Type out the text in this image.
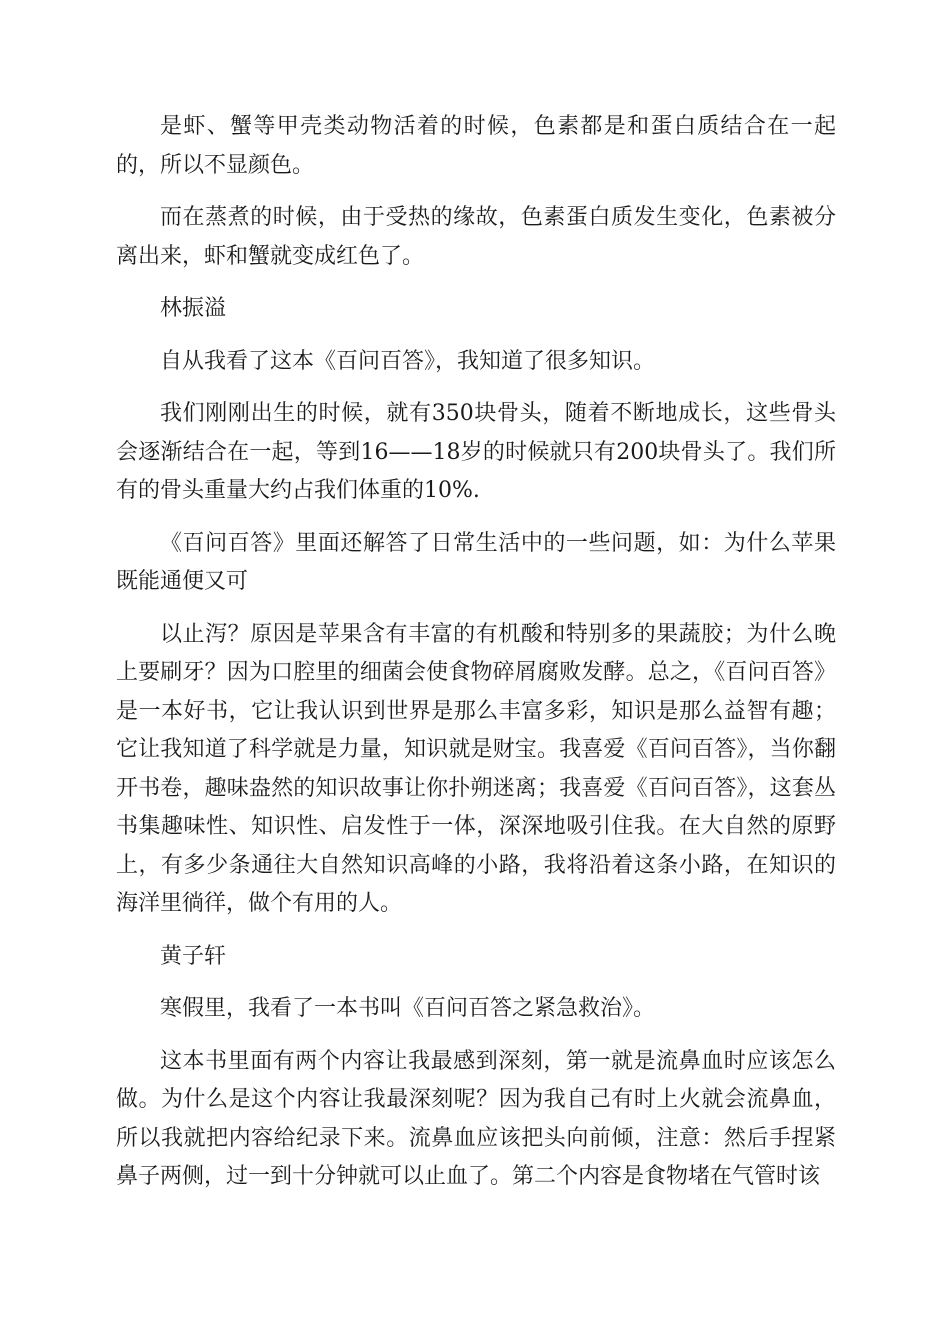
是虾、蟹等甲壳类动物活着的时候，色素都是和蛋白质结合在一起的，所以不显颜色。

而在蒸煮的时候，由于受热的缘故，色素蛋白质发生变化，色素被分离出来，虾和蟹就变成红色了。

林振溢

自从我看了这本《百问百答》，我知道了很多知识。

我们刚刚出生的时候，就有350块骨头，随着不断地成长，这些骨头会逐渐结合在一起，等到16——18岁的时候就只有200块骨头了。我们所有的骨头重量大约占我们体重的10%.

《百问百答》里面还解答了日常生活中的一些问题，如：为什么苹果既能通便又可

以止泻？原因是苹果含有丰富的有机酸和特别多的果蔬胶；为什么晚上要刷牙？因为口腔里的细菌会使食物碎屑腐败发酵。总之，《百问百答》是一本好书，它让我认识到世界是那么丰富多彩，知识是那么益智有趣；它让我知道了科学就是力量，知识就是财宝。我喜爱《百问百答》，当你翻开书卷，趣味盎然的知识故事让你扑朔迷离；我喜爱《百问百答》，这套丛书集趣味性、知识性、启发性于一体，深深地吸引住我。在大自然的原野上，有多少条通往大自然知识高峰的小路，我将沿着这条小路，在知识的海洋里徜徉，做个有用的人。

黄子轩

寒假里，我看了一本书叫《百问百答之紧急救治》。

这本书里面有两个内容让我最感到深刻，第一就是流鼻血时应该怎么做。为什么是这个内容让我最深刻呢？因为我自己有时上火就会流鼻血，所以我就把内容给纪录下来。流鼻血应该把头向前倾，注意：然后手捏紧鼻子两侧，过一到十分钟就可以止血了。第二个内容是食物堵在气管时该
